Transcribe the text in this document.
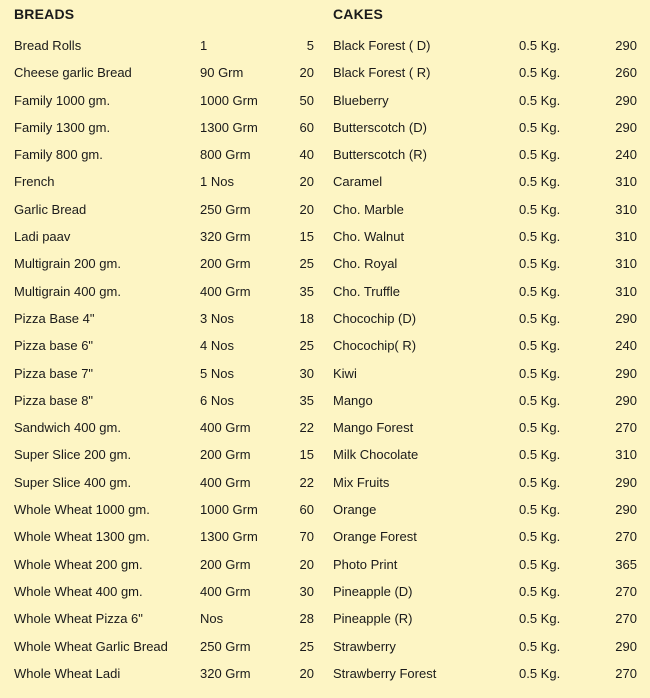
BREADS
Bread Rolls	1	5
Cheese garlic Bread	90 Grm	20
Family 1000 gm.	1000 Grm	50
Family 1300 gm.	1300 Grm	60
Family 800 gm.	800 Grm	40
French	1 Nos	20
Garlic Bread	250 Grm	20
Ladi paav	320 Grm	15
Multigrain 200 gm.	200 Grm	25
Multigrain 400 gm.	400 Grm	35
Pizza Base 4"	3 Nos	18
Pizza base 6"	4 Nos	25
Pizza base 7"	5 Nos	30
Pizza base 8"	6 Nos	35
Sandwich 400 gm.	400 Grm	22
Super Slice 200 gm.	200 Grm	15
Super Slice 400 gm.	400 Grm	22
Whole Wheat 1000 gm.	1000 Grm	60
Whole Wheat 1300 gm.	1300 Grm	70
Whole Wheat 200 gm.	200 Grm	20
Whole Wheat 400 gm.	400 Grm	30
Whole Wheat Pizza 6"	Nos	28
Whole Wheat Garlic Bread 250 Grm	25
Whole Wheat Ladi	320 Grm	20
CAKES
Black Forest ( D)	0.5 Kg.	290
Black Forest ( R)	0.5 Kg.	260
Blueberry	0.5 Kg.	290
Butterscotch (D)	0.5 Kg.	290
Butterscotch (R)	0.5 Kg.	240
Caramel	0.5 Kg.	310
Cho. Marble	0.5 Kg.	310
Cho. Walnut	0.5 Kg.	310
Cho. Royal	0.5 Kg.	310
Cho. Truffle	0.5 Kg.	310
Chocochip (D)	0.5 Kg.	290
Chocochip( R)	0.5 Kg.	240
Kiwi	0.5 Kg.	290
Mango	0.5 Kg.	290
Mango Forest	0.5 Kg.	270
Milk Chocolate	0.5 Kg.	310
Mix Fruits	0.5 Kg.	290
Orange	0.5 Kg.	290
Orange Forest	0.5 Kg.	270
Photo Print	0.5 Kg.	365
Pineapple (D)	0.5 Kg.	270
Pineapple (R)	0.5 Kg.	270
Strawberry	0.5 Kg.	290
Strawberry Forest	0.5 Kg.	270
